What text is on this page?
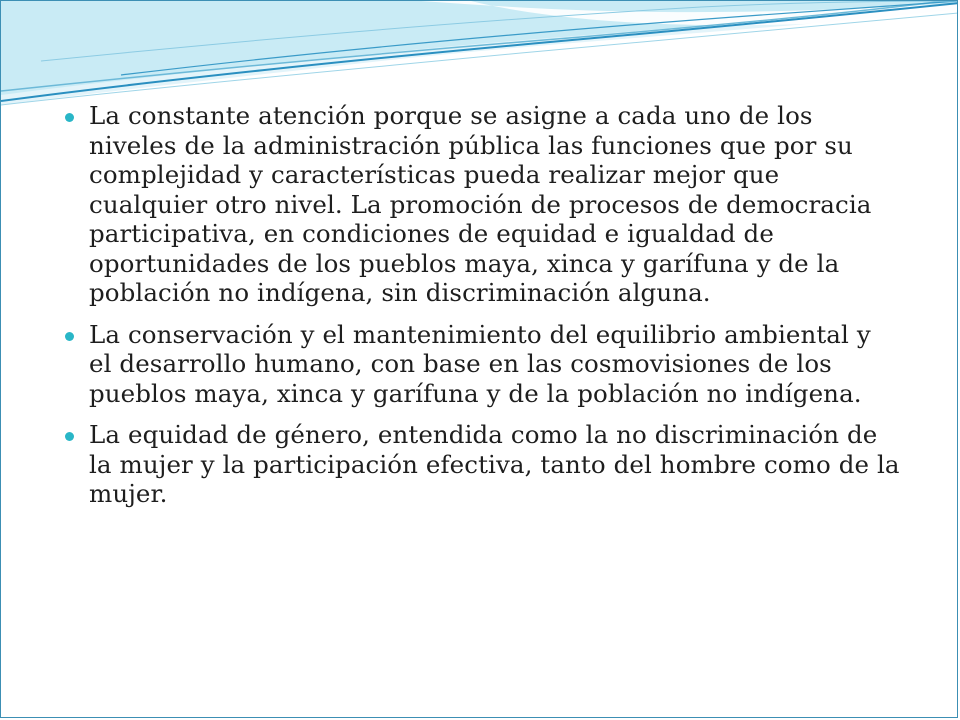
La constante atención porque se asigne a cada uno de los niveles de la administración pública las funciones que por su complejidad y características pueda realizar mejor que cualquier otro nivel. La promoción de procesos de democracia participativa, en condiciones de equidad e igualdad de oportunidades de los pueblos maya, xinca y garífuna y de la población no indígena, sin discriminación alguna.
La conservación y el mantenimiento del equilibrio ambiental y el desarrollo humano, con base en las cosmovisiones de los pueblos maya, xinca y garífuna y de la población no indígena.
La equidad de género, entendida como la no discriminación de la mujer y la participación efectiva, tanto del hombre como de la mujer.
